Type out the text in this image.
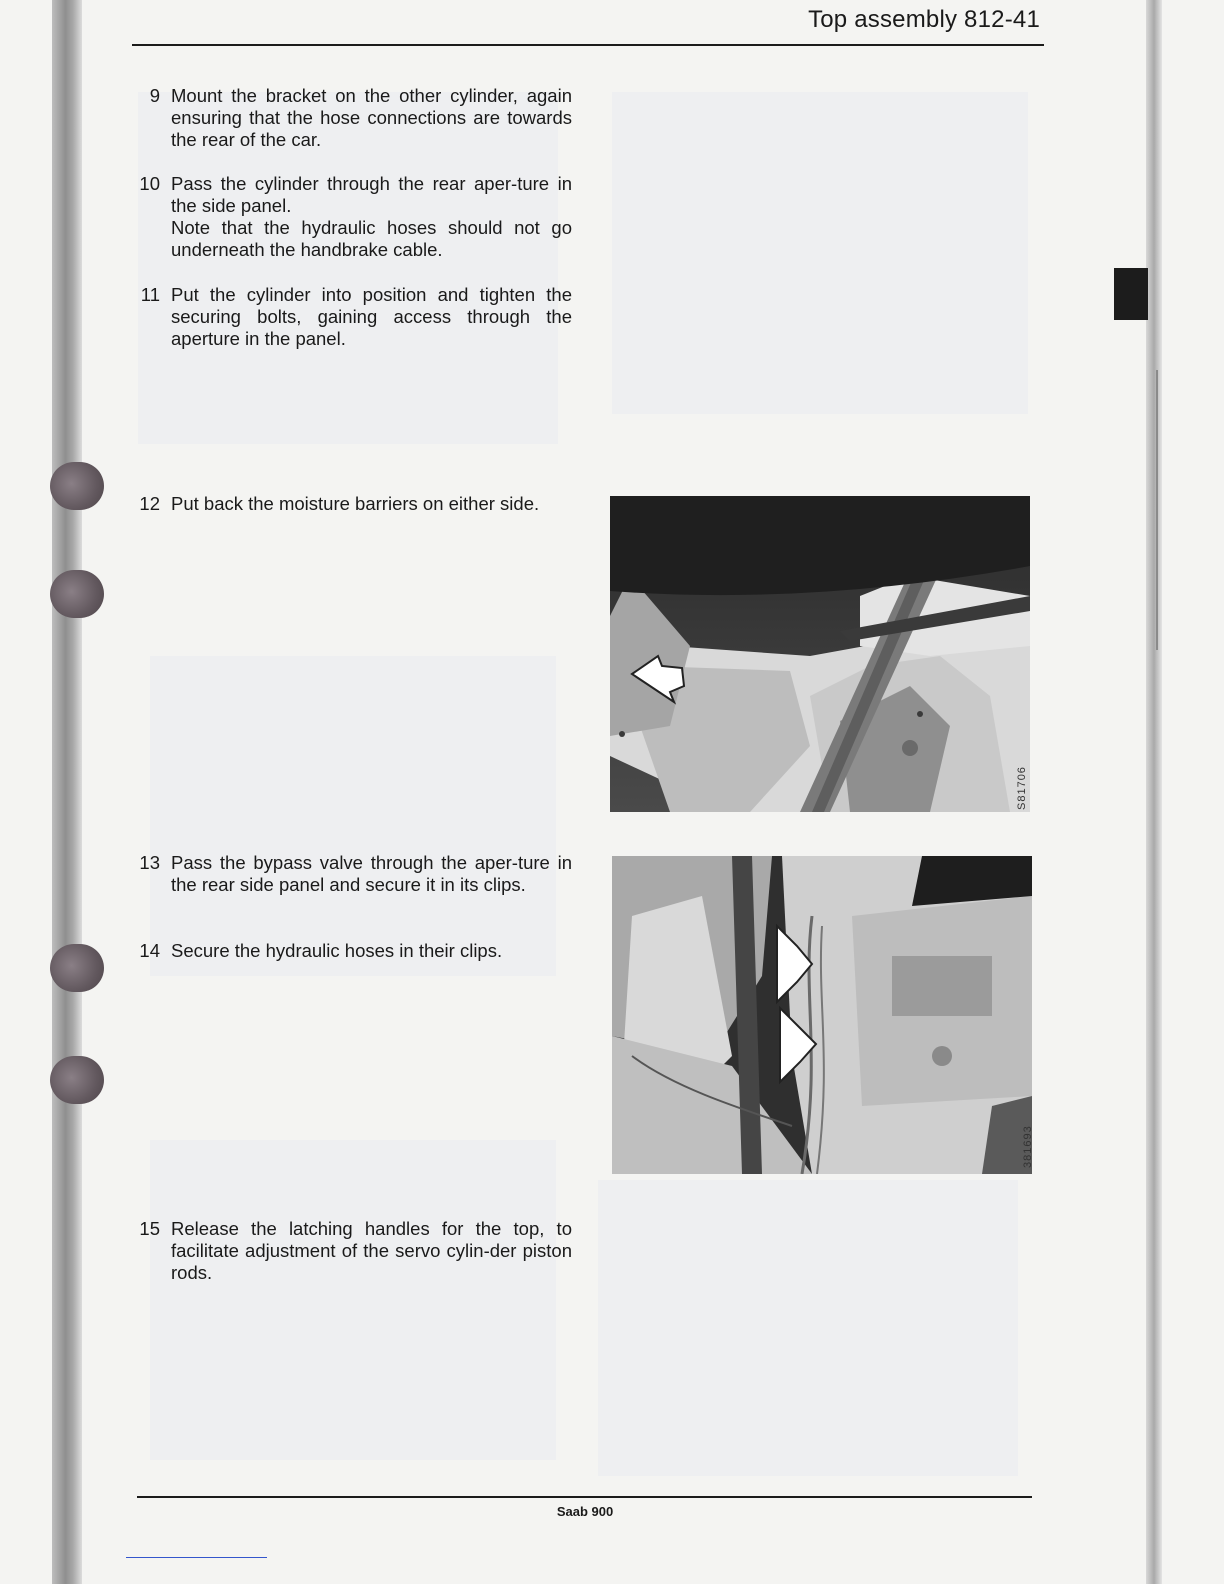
Top assembly 812-41
9 Mount the bracket on the other cylinder, again ensuring that the hose connections are towards the rear of the car.

10 Pass the cylinder through the rear aper-ture in the side panel.

Note that the hydraulic hoses should not go underneath the handbrake cable.

11 Put the cylinder into position and tighten the securing bolts, gaining access through the aperture in the panel.

12 Put back the moisture barriers on either side.

13 Pass the bypass valve through the aper-ture in the rear side panel and secure it in its clips.

14 Secure the hydraulic hoses in their clips.

15 Release the latching handles for the top, to facilitate adjustment of the servo cylin-der piston rods.

S81706
381693
Saab 900
